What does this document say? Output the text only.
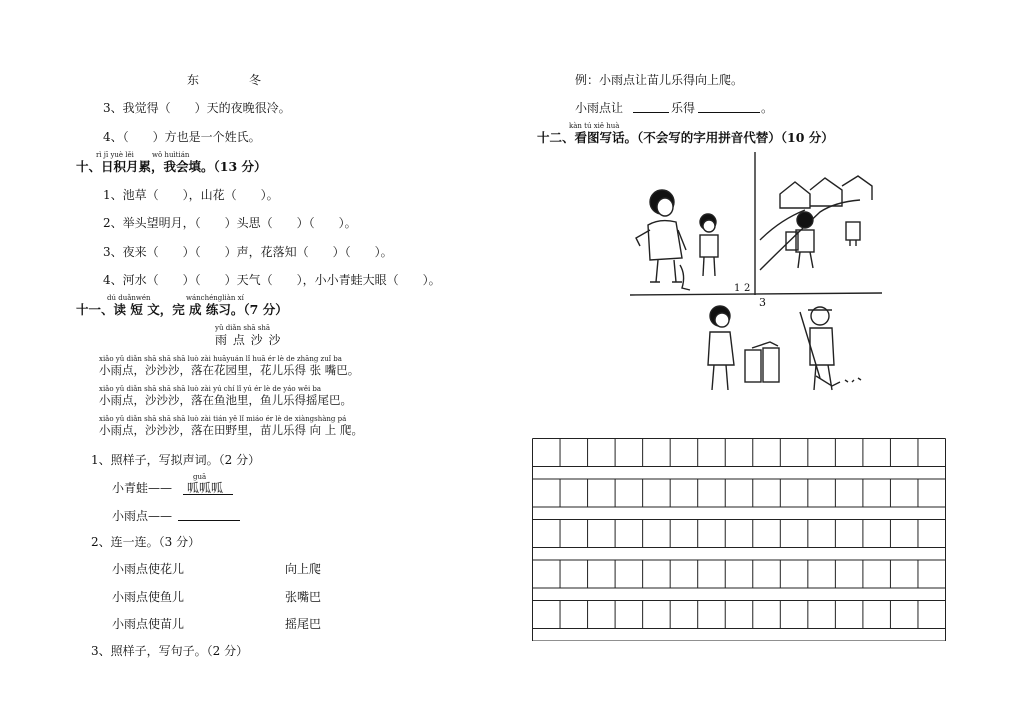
东	冬
3、我觉得（　　）天的夜晚很冷。
4、（　　）方也是一个姓氏。
rì jī yuè lěi	wǒ huìtián
十、日积月累，我会填。（13 分）
1、池草（　　），山花（　　）。
2、举头望明月，（　　）头思（　　）（　　）。
3、夜来（　　）（　　）声，花落知（　　）（　　）。
4、河水（　　）（　　）天气（　　），小小青蛙大眼（　　）。
dú duǎnwén	wánchéngliàn xí
十一、读 短 文，完 成 练习。（7 分）
yǔ diǎn shā shā
雨 点 沙 沙
xiǎo yǔ diǎn shā shā shā luò zài huāyuán lǐ huā ér lè de zhāng zuǐ ba
小雨点，沙沙沙，落在花园里，花儿乐得 张 嘴巴。
xiǎo yǔ diǎn shā shā shā luò zài yú chí lǐ yú ér lè de yáo wěi ba
小雨点，沙沙沙，落在鱼池里，鱼儿乐得摇尾巴。
xiǎo yǔ diǎn shā shā shā luò zài tián yě lǐ miáo ér lè de xiàngshàng pá
小雨点，沙沙沙，落在田野里，苗儿乐得 向 上 爬。
1、照样子，写拟声词。（2 分）
小青蛙——
guā
呱呱呱
小雨点——
2、连一连。（3 分）
小雨点使花儿
小雨点使鱼儿
小雨点使苗儿
向上爬
张嘴巴
摇尾巴
3、照样子，写句子。（2 分）
例：小雨点让苗儿乐得向上爬。
小雨点让	乐得	。
kàn tú xiě huà
十二、看图写话。（不会写的字用拼音代替）（10 分）
1 2
3
